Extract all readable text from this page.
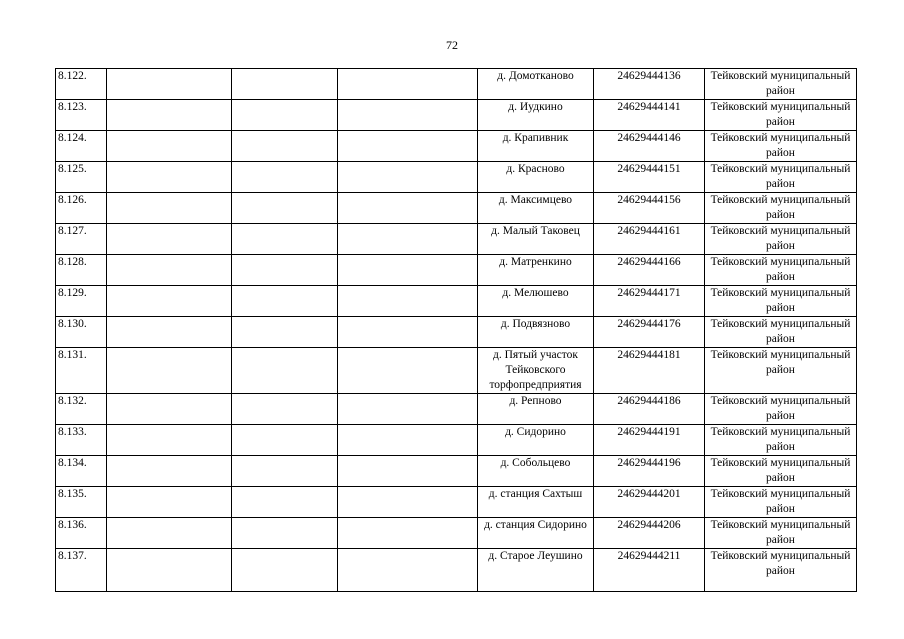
72
8.122.				д. Домотканово	24629444136	Тейковский муниципальный район
8.123.				д. Иудкино	24629444141	Тейковский муниципальный район
8.124.				д. Крапивник	24629444146	Тейковский муниципальный район
8.125.				д. Красново	24629444151	Тейковский муниципальный район
8.126.				д. Максимцево	24629444156	Тейковский муниципальный район
8.127.				д. Малый Таковец	24629444161	Тейковский муниципальный район
8.128.				д. Матренкино	24629444166	Тейковский муниципальный район
8.129.				д. Мелюшево	24629444171	Тейковский муниципальный район
8.130.				д. Подвязново	24629444176	Тейковский муниципальный район
8.131.				д. Пятый участок Тейковского торфопредприятия	24629444181	Тейковский муниципальный район
8.132.				д. Репново	24629444186	Тейковский муниципальный район
8.133.				д. Сидорино	24629444191	Тейковский муниципальный район
8.134.				д. Собольцево	24629444196	Тейковский муниципальный район
8.135.				д. станция Сахтыш	24629444201	Тейковский муниципальный район
8.136.				д. станция Сидорино	24629444206	Тейковский муниципальный район
8.137.				д. Старое Леушино	24629444211	Тейковский муниципальный район
